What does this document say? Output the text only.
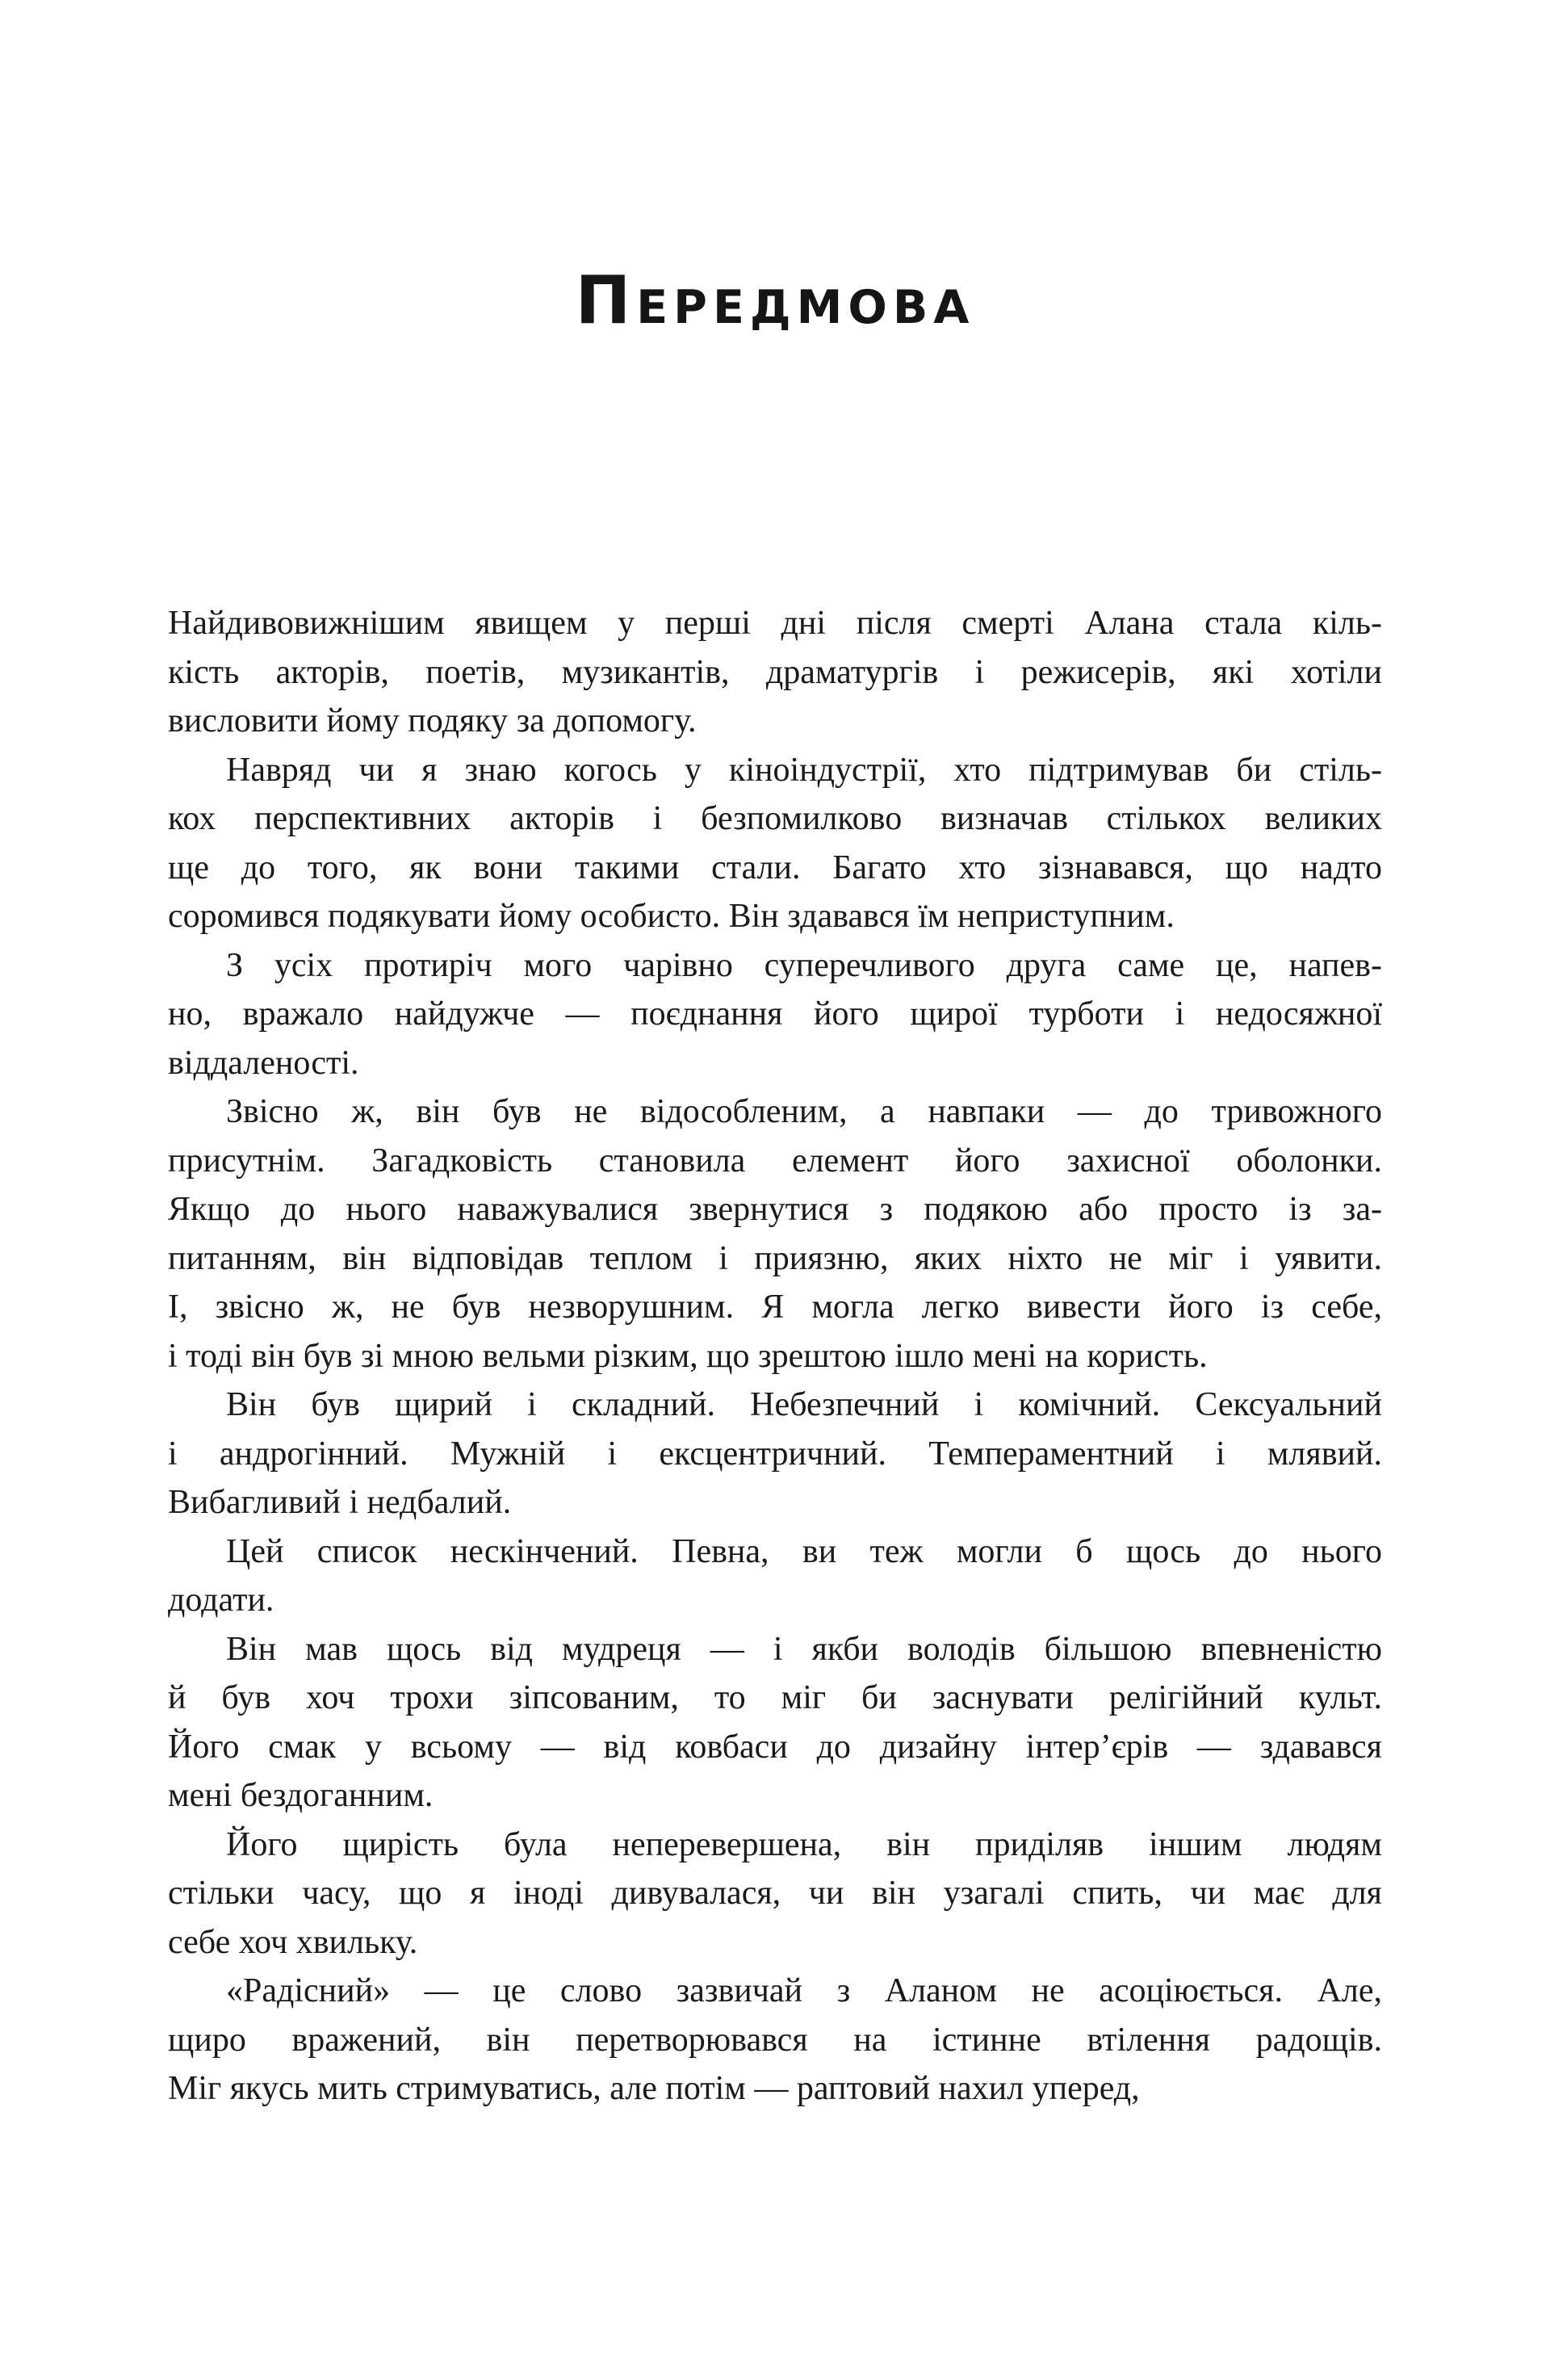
Передмова

Найдивовижнішим явищем у перші дні після смерті Алана стала кіль-
кість акторів, поетів, музикантів, драматургів і режисерів, які хотіли
висловити йому подяку за допомогу.

Навряд чи я знаю когось у кіноіндустрії, хто підтримував би стіль-
кох перспективних акторів і безпомилково визначав стількох великих
ще до того, як вони такими стали. Багато хто зізнавався, що надто
соромився подякувати йому особисто. Він здавався їм неприступним.

З усіх протиріч мого чарівно суперечливого друга саме це, напев-
но, вражало найдужче — поєднання його щирої турботи і недосяжної
віддаленості.

Звісно ж, він був не відособленим, а навпаки — до тривожного
присутнім. Загадковість становила елемент його захисної оболонки.
Якщо до нього наважувалися звернутися з подякою або просто із за-
питанням, він відповідав теплом і приязню, яких ніхто не міг і уявити.
І, звісно ж, не був незворушним. Я могла легко вивести його із себе,
і тоді він був зі мною вельми різким, що зрештою ішло мені на користь.

Він був щирий і складний. Небезпечний і комічний. Сексуальний
і андрогінний. Мужній і ексцентричний. Темпераментний і млявий.
Вибагливий і недбалий.

Цей список нескінчений. Певна, ви теж могли б щось до нього
додати.

Він мав щось від мудреця — і якби володів більшою впевненістю
й був хоч трохи зіпсованим, то міг би заснувати релігійний культ.
Його смак у всьому — від ковбаси до дизайну інтер’єрів — здавався
мені бездоганним.

Його щирість була неперевершена, він приділяв іншим людям
стільки часу, що я іноді дивувалася, чи він узагалі спить, чи має для
себе хоч хвильку.

«Радісний» — це слово зазвичай з Аланом не асоціюється. Але,
щиро вражений, він перетворювався на істинне втілення радощів.
Міг якусь мить стримуватись, але потім — раптовий нахил уперед,
